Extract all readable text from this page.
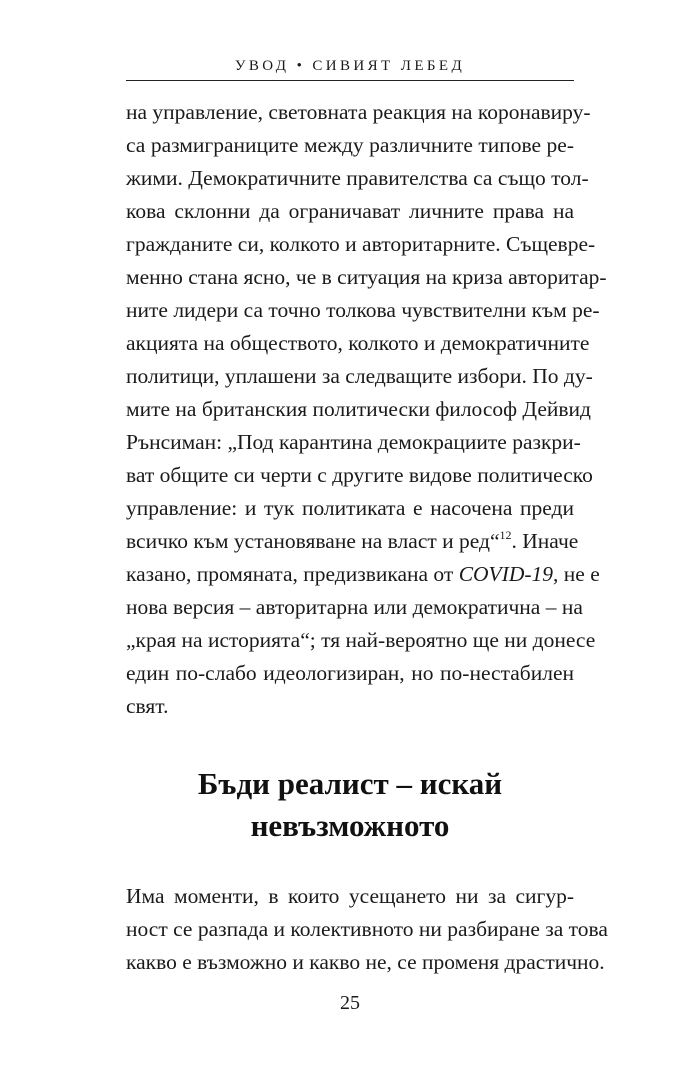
УВОД • СИВИЯТ ЛЕБЕД
на управление, световната реакция на коронавиру-
са размиграниците между различните типове ре-
жими. Демократичните правителства са също тол-
кова склонни да ограничават личните права на
гражданите си, колкото и авторитарните. Същевре-
менно стана ясно, че в ситуация на криза авторитар-
ните лидери са точно толкова чувствителни към ре-
акцията на обществото, колкото и демократичните
политици, уплашени за следващите избори. По ду-
мите на британския политически философ Дейвид
Рънсиман: „Под карантина демокрациите разкри-
ват общите си черти с другите видове политическо
управление: и тук политиката е насочена преди
всичко към установяване на власт и ред“$^{12}$. Иначе
казано, промяната, предизвикана от COVID-19, не е
нова версия – авторитарна или демократична – на
„края на историята“; тя най-вероятно ще ни донесе
един по-слабо идеологизиран, но по-нестабилен
свят.
Бъди реалист – искай
невъзможното
Има моменти, в които усещането ни за сигур-
ност се разпада и колективното ни разбиране за това
какво е възможно и какво не, се променя драстично.
25
